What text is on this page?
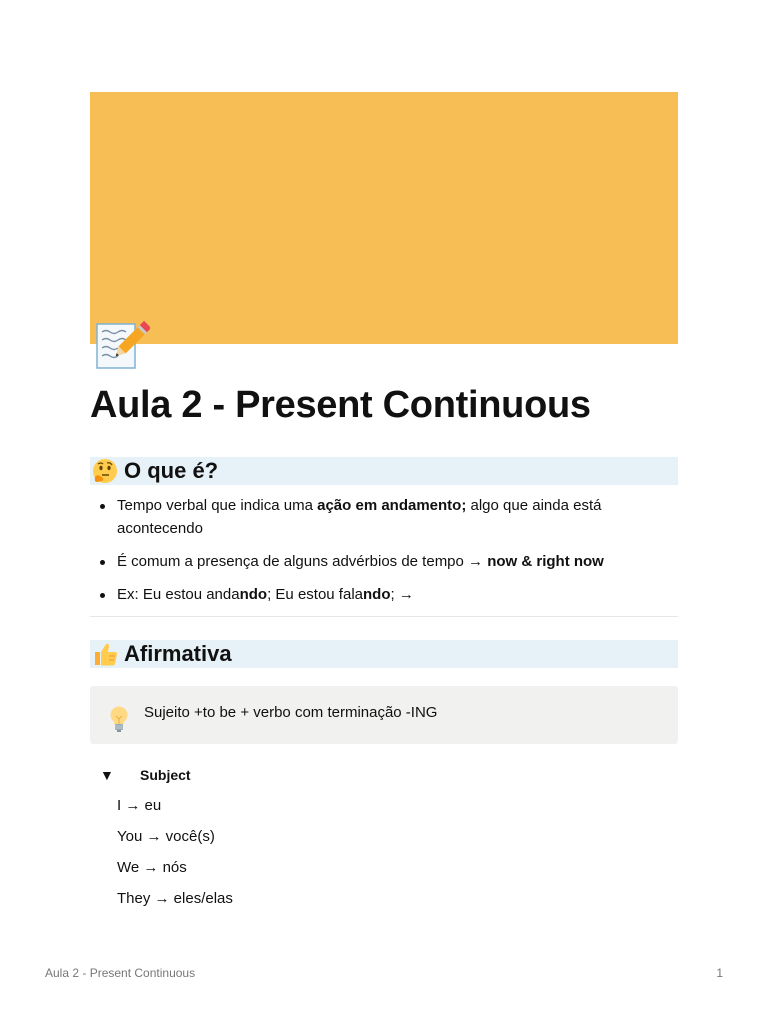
Aula 2 - Present Continuous
O que é?
Tempo verbal que indica uma ação em andamento; algo que ainda está acontecendo
É comum a presença de alguns advérbios de tempo → now & right now
Ex: Eu estou andando; Eu estou falando; →
Afirmativa
Sujeito +to be + verbo com terminação -ING
▼	Subject
I → eu
You → você(s)
We → nós
They → eles/elas
Aula 2 - Present Continuous	1
